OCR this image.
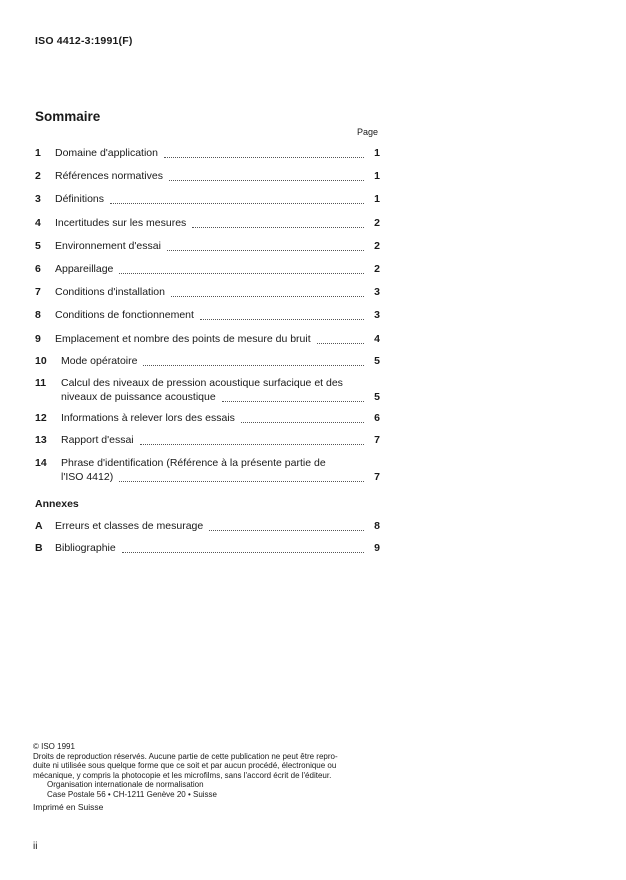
ISO 4412-3:1991(F)
Sommaire
Page
1 Domaine d'application	1
2 Références normatives	1
3 Définitions	1
4 Incertitudes sur les mesures	2
5 Environnement d'essai	2
6 Appareillage	2
7 Conditions d'installation	3
8 Conditions de fonctionnement	3
9 Emplacement et nombre des points de mesure du bruit	4
10 Mode opératoire	5
11 Calcul des niveaux de pression acoustique surfacique et des
niveaux de puissance acoustique	5
12 Informations à relever lors des essais	6
13 Rapport d'essai	7
14 Phrase d'identification (Référence à la présente partie de
l'ISO 4412)	7
Annexes
A Erreurs et classes de mesurage	8
B Bibliographie	9
© ISO 1991
Droits de reproduction réservés. Aucune partie de cette publication ne peut être repro-
duite ni utilisée sous quelque forme que ce soit et par aucun procédé, électronique ou
mécanique, y compris la photocopie et les microfilms, sans l'accord écrit de l'éditeur.
Organisation internationale de normalisation
Case Postale 56 • CH-1211 Genève 20 • Suisse
Imprimé en Suisse
ii
